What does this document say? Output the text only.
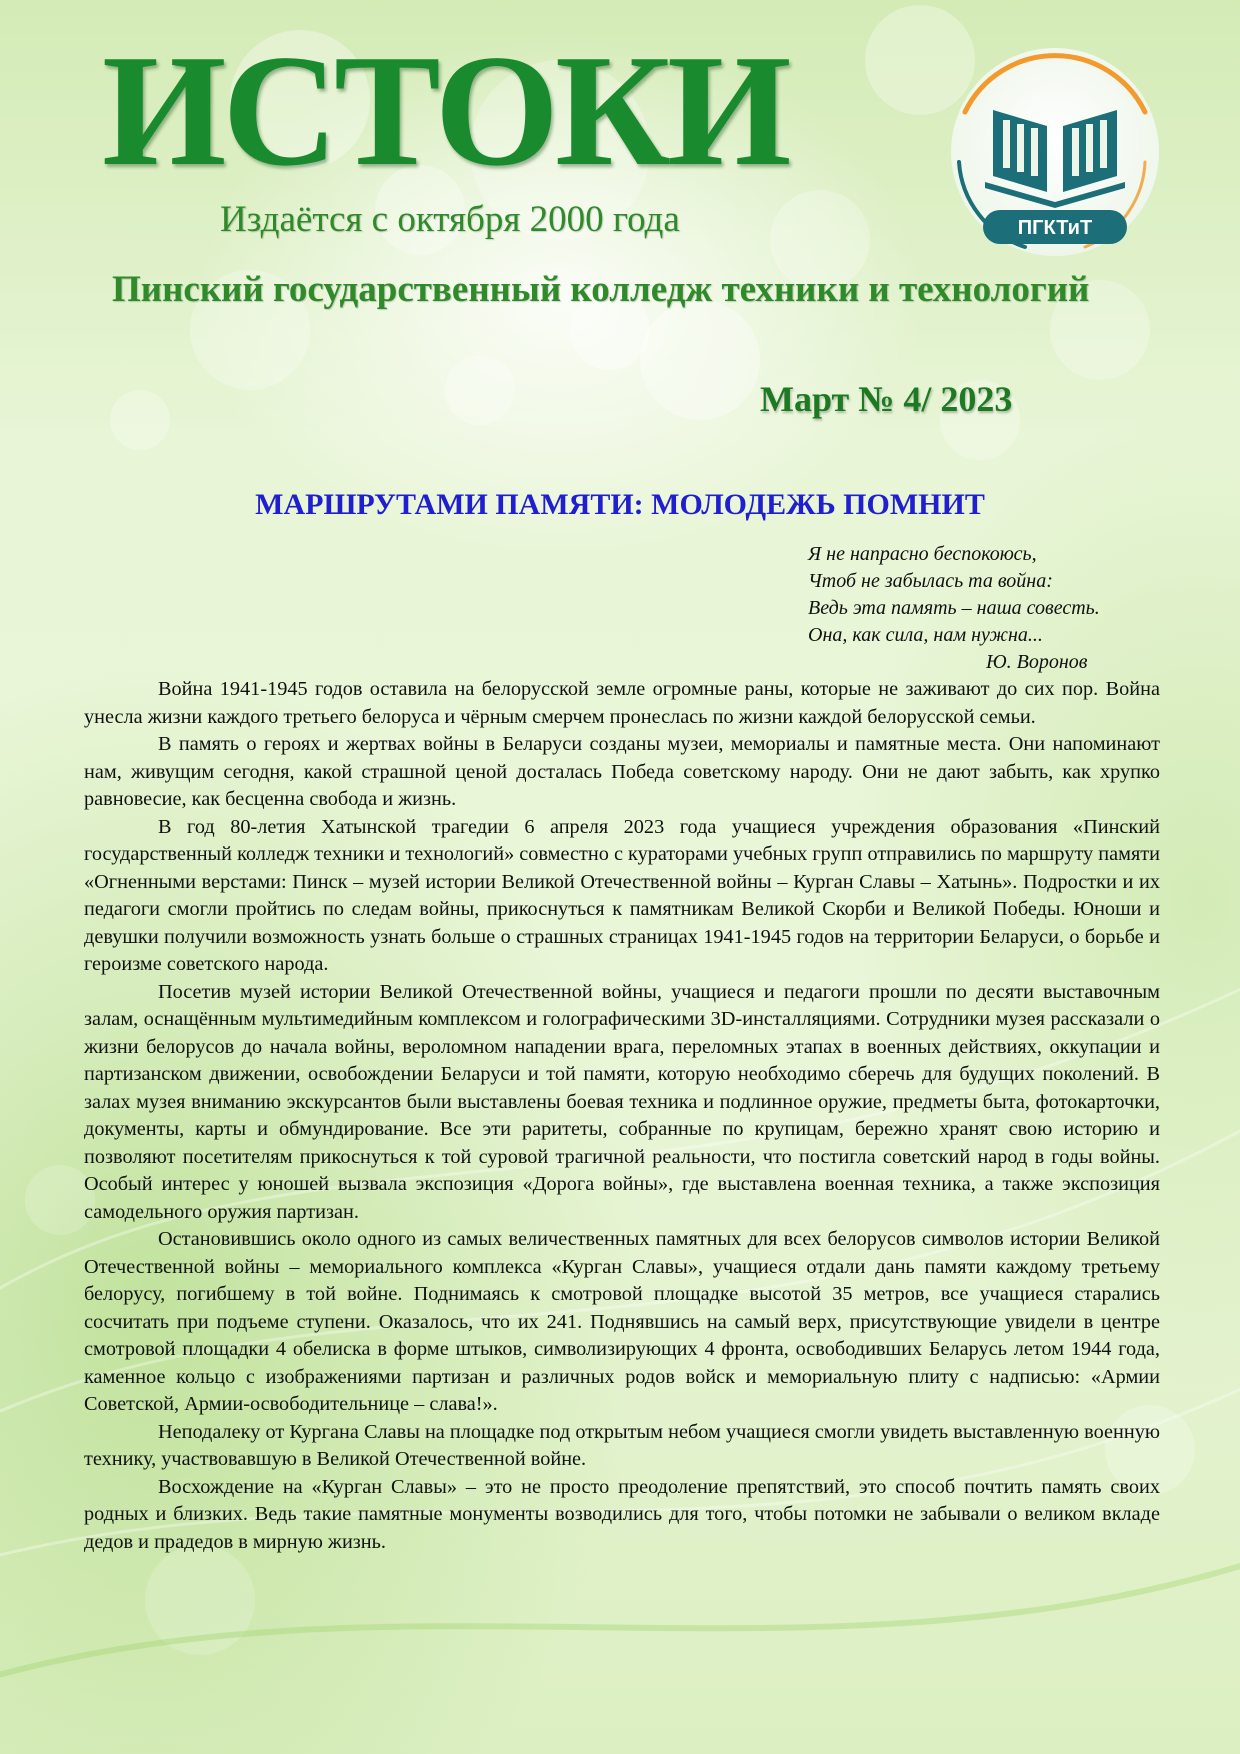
ИСТОКИ
Издаётся с октября 2000 года
Пинский государственный колледж техники и технологий
Март № 4/ 2023
ПГКТиТ
МАРШРУТАМИ ПАМЯТИ: МОЛОДЕЖЬ ПОМНИТ
Я не напрасно беспокоюсь,
Чтоб не забылась та война:
Ведь эта память – наша совесть.
Она, как сила, нам нужна...
Ю. Воронов

Война 1941-1945 годов оставила на белорусской земле огромные раны, которые не заживают до сих пор. Война унесла жизни каждого третьего белоруса и чёрным смерчем пронеслась по жизни каждой белорусской семьи.

В память о героях и жертвах войны в Беларуси созданы музеи, мемориалы и памятные места. Они напоминают нам, живущим сегодня, какой страшной ценой досталась Победа советскому народу. Они не дают забыть, как хрупко равновесие, как бесценна свобода и жизнь.

В год 80-летия Хатынской трагедии 6 апреля 2023 года учащиеся учреждения образования «Пинский государственный колледж техники и технологий» совместно с кураторами учебных групп отправились по маршруту памяти «Огненными верстами: Пинск – музей истории Великой Отечественной войны – Курган Славы – Хатынь». Подростки и их педагоги смогли пройтись по следам войны, прикоснуться к памятникам Великой Скорби и Великой Победы. Юноши и девушки получили возможность узнать больше о страшных страницах 1941-1945 годов на территории Беларуси, о борьбе и героизме советского народа.

Посетив музей истории Великой Отечественной войны, учащиеся и педагоги прошли по десяти выставочным залам, оснащённым мультимедийным комплексом и голографическими 3D-инсталляциями. Сотрудники музея рассказали о жизни белорусов до начала войны, вероломном нападении врага, переломных этапах в военных действиях, оккупации и партизанском движении, освобождении Беларуси и той памяти, которую необходимо сберечь для будущих поколений. В залах музея вниманию экскурсантов были выставлены боевая техника и подлинное оружие, предметы быта, фотокарточки, документы, карты и обмундирование. Все эти раритеты, собранные по крупицам, бережно хранят свою историю и позволяют посетителям прикоснуться к той суровой трагичной реальности, что постигла советский народ в годы войны. Особый интерес у юношей вызвала экспозиция «Дорога войны», где выставлена военная техника, а также экспозиция самодельного оружия партизан.

Остановившись около одного из самых величественных памятных для всех белорусов символов истории Великой Отечественной войны – мемориального комплекса «Курган Славы», учащиеся отдали дань памяти каждому третьему белорусу, погибшему в той войне. Поднимаясь к смотровой площадке высотой 35 метров, все учащиеся старались сосчитать при подъеме ступени. Оказалось, что их 241. Поднявшись на самый верх, присутствующие увидели в центре смотровой площадки 4 обелиска в форме штыков, символизирующих 4 фронта, освободивших Беларусь летом 1944 года, каменное кольцо с изображениями партизан и различных родов войск и мемориальную плиту с надписью: «Армии Советской, Армии-освободительнице – слава!».

Неподалеку от Кургана Славы на площадке под открытым небом учащиеся смогли увидеть выставленную военную технику, участвовавшую в Великой Отечественной войне.

Восхождение на «Курган Славы» – это не просто преодоление препятствий, это способ почтить память своих родных и близких. Ведь такие памятные монументы возводились для того, чтобы потомки не забывали о великом вкладе дедов и прадедов в мирную жизнь.
